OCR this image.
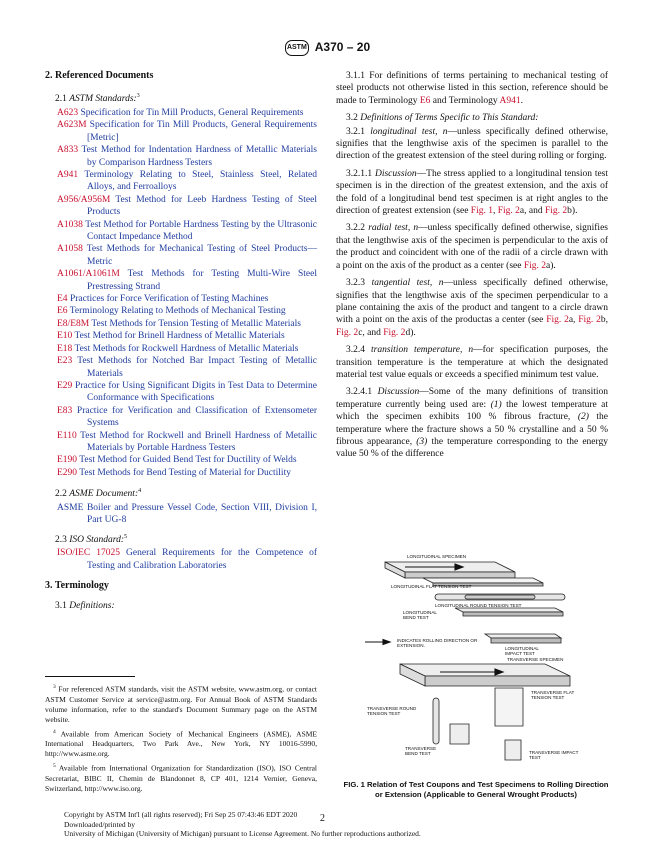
ASTM A370 – 20
2. Referenced Documents
2.1 ASTM Standards:$^3$
A623 Specification for Tin Mill Products, General Requirements
A623M Specification for Tin Mill Products, General Requirements [Metric]
A833 Test Method for Indentation Hardness of Metallic Materials by Comparison Hardness Testers
A941 Terminology Relating to Steel, Stainless Steel, Related Alloys, and Ferroalloys
A956/A956M Test Method for Leeb Hardness Testing of Steel Products
A1038 Test Method for Portable Hardness Testing by the Ultrasonic Contact Impedance Method
A1058 Test Methods for Mechanical Testing of Steel Products—Metric
A1061/A1061M Test Methods for Testing Multi-Wire Steel Prestressing Strand
E4 Practices for Force Verification of Testing Machines
E6 Terminology Relating to Methods of Mechanical Testing
E8/E8M Test Methods for Tension Testing of Metallic Materials
E10 Test Method for Brinell Hardness of Metallic Materials
E18 Test Methods for Rockwell Hardness of Metallic Materials
E23 Test Methods for Notched Bar Impact Testing of Metallic Materials
E29 Practice for Using Significant Digits in Test Data to Determine Conformance with Specifications
E83 Practice for Verification and Classification of Extensometer Systems
E110 Test Method for Rockwell and Brinell Hardness of Metallic Materials by Portable Hardness Testers
E190 Test Method for Guided Bend Test for Ductility of Welds
E290 Test Methods for Bend Testing of Material for Ductility
2.2 ASME Document:$^4$
ASME Boiler and Pressure Vessel Code, Section VIII, Division I, Part UG-8
2.3 ISO Standard:$^5$
ISO/IEC 17025 General Requirements for the Competence of Testing and Calibration Laboratories
3. Terminology
3.1 Definitions:

$^3$ For referenced ASTM standards, visit the ASTM website, www.astm.org, or contact ASTM Customer Service at service@astm.org. For Annual Book of ASTM Standards volume information, refer to the standard's Document Summary page on the ASTM website.

$^4$ Available from American Society of Mechanical Engineers (ASME), ASME International Headquarters, Two Park Ave., New York, NY 10016-5990, http://www.asme.org.

$^5$ Available from International Organization for Standardization (ISO), ISO Central Secretariat, BIBC II, Chemin de Blandonnet 8, CP 401, 1214 Vernier, Geneva, Switzerland, http://www.iso.org.

3.1.1 For definitions of terms pertaining to mechanical testing of steel products not otherwise listed in this section, reference should be made to Terminology E6 and Terminology A941.

3.2 Definitions of Terms Specific to This Standard:

3.2.1 longitudinal test, n—unless specifically defined otherwise, signifies that the lengthwise axis of the specimen is parallel to the direction of the greatest extension of the steel during rolling or forging.

3.2.1.1 Discussion—The stress applied to a longitudinal tension test specimen is in the direction of the greatest extension, and the axis of the fold of a longitudinal bend test specimen is at right angles to the direction of greatest extension (see Fig. 1, Fig. 2a, and Fig. 2b).

3.2.2 radial test, n—unless specifically defined otherwise, signifies that the lengthwise axis of the specimen is perpendicular to the axis of the product and coincident with one of the radii of a circle drawn with a point on the axis of the product as a center (see Fig. 2a).

3.2.3 tangential test, n—unless specifically defined otherwise, signifies that the lengthwise axis of the specimen perpendicular to a plane containing the axis of the product and tangent to a circle drawn with a point on the axis of the productas a center (see Fig. 2a, Fig. 2b, Fig. 2c, and Fig. 2d).

3.2.4 transition temperature, n—for specification purposes, the transition temperature is the temperature at which the designated material test value equals or exceeds a specified minimum test value.

3.2.4.1 Discussion—Some of the many definitions of transition temperature currently being used are: (1) the lowest temperature at which the specimen exhibits 100 % fibrous fracture, (2) the temperature where the fracture shows a 50 % crystalline and a 50 % fibrous appearance, (3) the temperature corresponding to the energy value 50 % of the difference

LONGITUDINAL SPECIMEN
LONGITUDINAL FLAT TENSION TEST
LONGITUDINAL ROUND TENSION TEST
LONGITUDINAL BEND TEST
INDICATES ROLLING DIRECTION OR EXTENSION.
LONGITUDINAL IMPACT TEST
TRANSVERSE SPECIMEN
TRANSVERSE FLAT TENSION TEST
TRANSVERSE ROUND TENSION TEST
TRANSVERSE BEND TEST	TRANSVERSE IMPACT TEST
FIG. 1 Relation of Test Coupons and Test Specimens to Rolling Direction or Extension (Applicable to General Wrought Products)
2
Copyright by ASTM Int'l (all rights reserved); Fri Sep 25 07:43:46 EDT 2020
Downloaded/printed by
University of Michigan (University of Michigan) pursuant to License Agreement. No further reproductions authorized.
